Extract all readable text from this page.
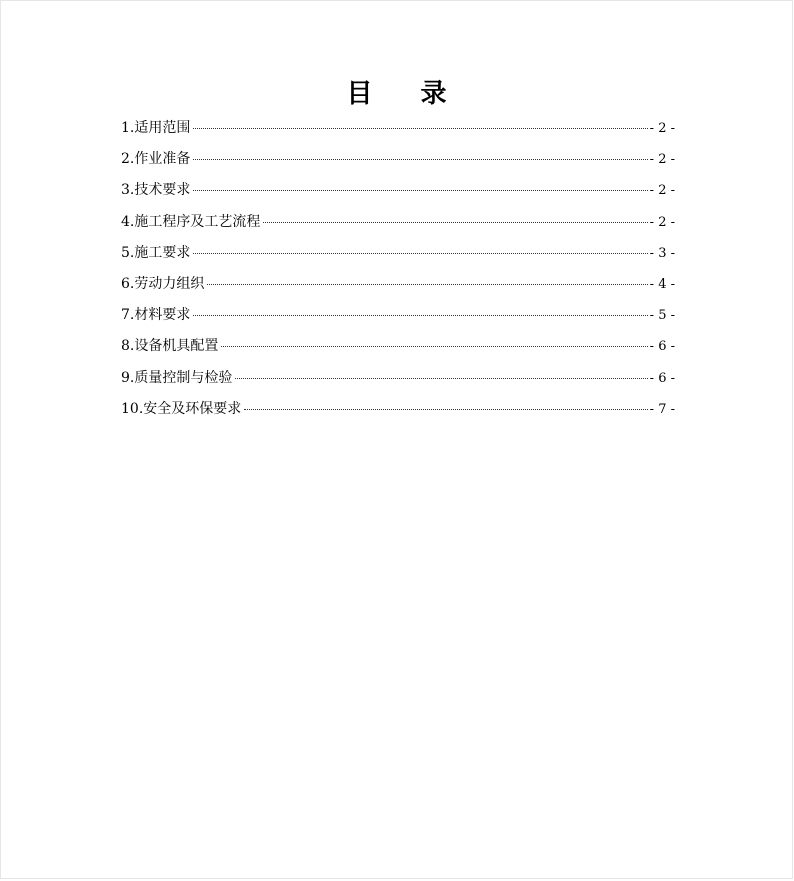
目 录
1.适用范围	- 2 -
2.作业准备	- 2 -
3.技术要求	- 2 -
4.施工程序及工艺流程	- 2 -
5.施工要求	- 3 -
6.劳动力组织	- 4 -
7.材料要求	- 5 -
8.设备机具配置	- 6 -
9.质量控制与检验	- 6 -
10.安全及环保要求	- 7 -
